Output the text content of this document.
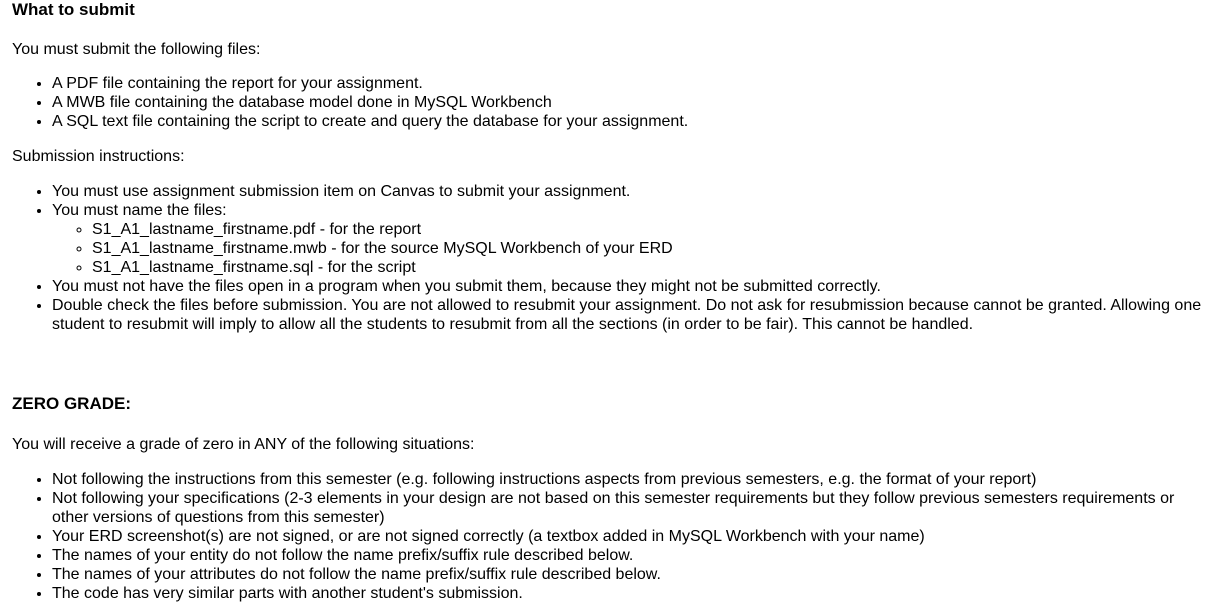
What to submit

You must submit the following files:

• A PDF file containing the report for your assignment.
• A MWB file containing the database model done in MySQL Workbench
• A SQL text file containing the script to create and query the database for your assignment.

Submission instructions:

• You must use assignment submission item on Canvas to submit your assignment.
• You must name the files:
◦ S1_A1_lastname_firstname.pdf - for the report
◦ S1_A1_lastname_firstname.mwb - for the source MySQL Workbench of your ERD
◦ S1_A1_lastname_firstname.sql - for the script
• You must not have the files open in a program when you submit them, because they might not be submitted correctly.
• Double check the files before submission. You are not allowed to resubmit your assignment. Do not ask for resubmission because cannot be granted. Allowing one student to resubmit will imply to allow all the students to resubmit from all the sections (in order to be fair). This cannot be handled.
ZERO GRADE:

You will receive a grade of zero in ANY of the following situations:

• Not following the instructions from this semester (e.g. following instructions aspects from previous semesters, e.g. the format of your report)
• Not following your specifications (2-3 elements in your design are not based on this semester requirements but they follow previous semesters requirements or other versions of questions from this semester)
• Your ERD screenshot(s) are not signed, or are not signed correctly (a textbox added in MySQL Workbench with your name)
• The names of your entity do not follow the name prefix/suffix rule described below.
• The names of your attributes do not follow the name prefix/suffix rule described below.
• The code has very similar parts with another student's submission.
